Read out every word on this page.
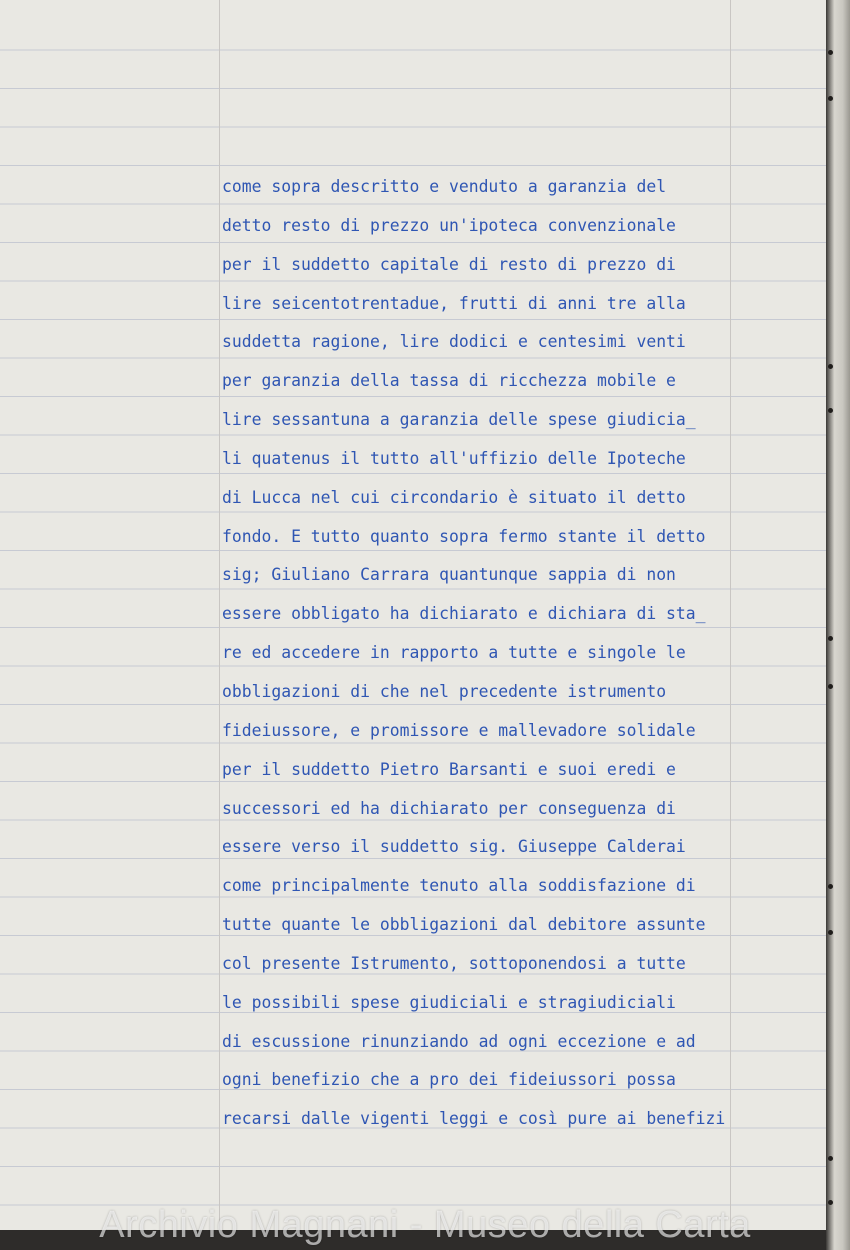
come sopra descritto e venduto a garanzia del
detto resto di prezzo un'ipoteca convenzionale
per il suddetto capitale di resto di prezzo di
lire seicentotrentadue, frutti di anni tre alla
suddetta ragione, lire dodici e centesimi venti
per garanzia della tassa di ricchezza mobile e
lire sessantuna a garanzia delle spese giudicia_
li quatenus il tutto all'uffizio delle Ipoteche
di Lucca nel cui circondario è situato il detto
fondo. E tutto quanto sopra fermo stante il detto
sig; Giuliano Carrara quantunque sappia di non
essere obbligato ha dichiarato e dichiara di sta_
re ed accedere in rapporto a tutte e singole le
obbligazioni di che nel precedente istrumento
fideiussore, e promissore e mallevadore solidale
per il suddetto Pietro Barsanti e suoi eredi e
successori ed ha dichiarato per conseguenza di
essere verso il suddetto sig. Giuseppe Calderai
come principalmente tenuto alla soddisfazione di
tutte quante le obbligazioni dal debitore assunte
col presente Istrumento, sottoponendosi a tutte
le possibili spese giudiciali e stragiudiciali
di escussione rinunziando ad ogni eccezione e ad
ogni benefizio che a pro dei fideiussori possa
recarsi dalle vigenti leggi e così pure ai benefizi
Archivio Magnani - Museo della Carta
